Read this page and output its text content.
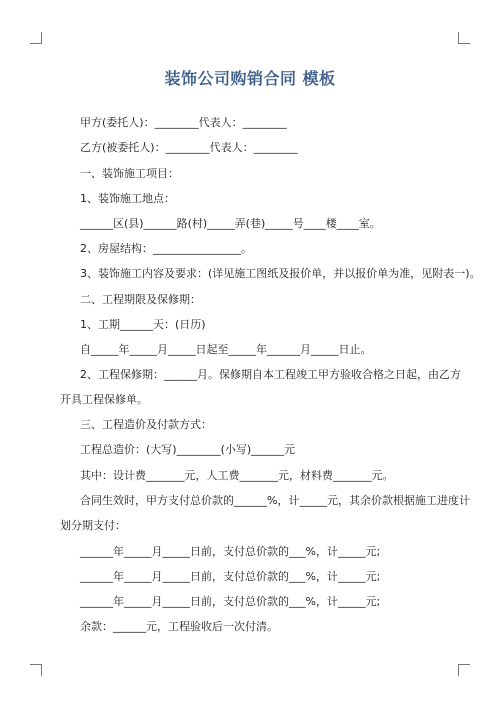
装饰公司购销合同 模板
甲方(委托人)：________代表人：________
乙方(被委托人)：________代表人：________
一、装饰施工项目：
1、装饰施工地点：
______区(县)______路(村)_____弄(巷)_____号____楼____室。
2、房屋结构：________________。
3、装饰施工内容及要求：(详见施工图纸及报价单，并以报价单为准，见附表一)。
二、工程期限及保修期：
1、工期______天：(日历)
自_____年_____月_____日起至_____年______月_____日止。
2、工程保修期：______月。保修期自本工程竣工甲方验收合格之日起，由乙方
开具工程保修单。
三、工程造价及付款方式：
工程总造价：(大写)________(小写)______元
其中：设计费_______元，人工费_______元，材料费_______元。
合同生效时，甲方支付总价款的______%，计_____元，其余价款根据施工进度计
划分期支付：
______年_____月_____日前，支付总价款的___%，计_____元;
______年_____月_____日前，支付总价款的___%，计_____元;
______年_____月_____日前，支付总价款的___%，计_____元;
余款：______元，工程验收后一次付清。
